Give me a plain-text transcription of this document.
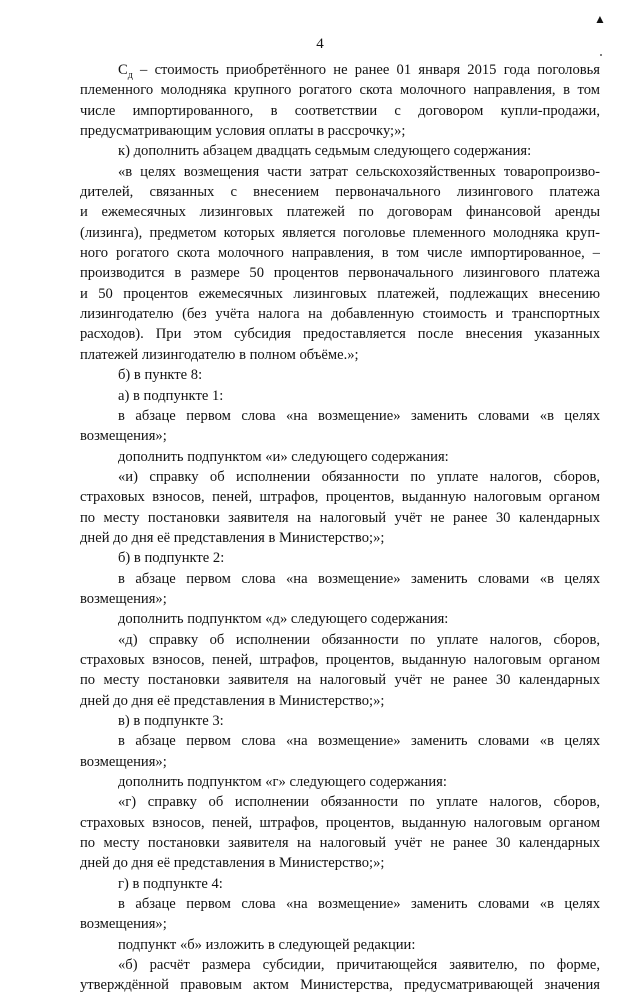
▲
4
$С_д$ – стоимость приобретённого не ранее 01 января 2015 года поголовья
племенного молодняка крупного рогатого скота молочного направления, в том
числе импортированного, в соответствии с договором купли-продажи,
предусматривающим условия оплаты в рассрочку;»;
к) дополнить абзацем двадцать седьмым следующего содержания:
«в целях возмещения части затрат сельскохозяйственных товаропроизво-
дителей, связанных с внесением первоначального лизингового платежа
и ежемесячных лизинговых платежей по договорам финансовой аренды
(лизинга), предметом которых является поголовье племенного молодняка круп-
ного рогатого скота молочного направления, в том числе импортированное, –
производится в размере 50 процентов первоначального лизингового платежа
и 50 процентов ежемесячных лизинговых платежей, подлежащих внесению
лизингодателю (без учёта налога на добавленную стоимость и транспортных
расходов). При этом субсидия предоставляется после внесения указанных
платежей лизингодателю в полном объёме.»;
б) в пункте 8:
а) в подпункте 1:
в абзаце первом слова «на возмещение» заменить словами «в целях
возмещения»;
дополнить подпунктом «и» следующего содержания:
«и) справку об исполнении обязанности по уплате налогов, сборов,
страховых взносов, пеней, штрафов, процентов, выданную налоговым органом
по месту постановки заявителя на налоговый учёт не ранее 30 календарных
дней до дня её представления в Министерство;»;
б) в подпункте 2:
в абзаце первом слова «на возмещение» заменить словами «в целях
возмещения»;
дополнить подпунктом «д» следующего содержания:
«д) справку об исполнении обязанности по уплате налогов, сборов,
страховых взносов, пеней, штрафов, процентов, выданную налоговым органом
по месту постановки заявителя на налоговый учёт не ранее 30 календарных
дней до дня её представления в Министерство;»;
в) в подпункте 3:
в абзаце первом слова «на возмещение» заменить словами «в целях
возмещения»;
дополнить подпунктом «г» следующего содержания:
«г) справку об исполнении обязанности по уплате налогов, сборов,
страховых взносов, пеней, штрафов, процентов, выданную налоговым органом
по месту постановки заявителя на налоговый учёт не ранее 30 календарных
дней до дня её представления в Министерство;»;
г) в подпункте 4:
в абзаце первом слова «на возмещение» заменить словами «в целях
возмещения»;
подпункт «б» изложить в следующей редакции:
«б) расчёт размера субсидии, причитающейся заявителю, по форме,
утверждённой правовым актом Министерства, предусматривающей значения
